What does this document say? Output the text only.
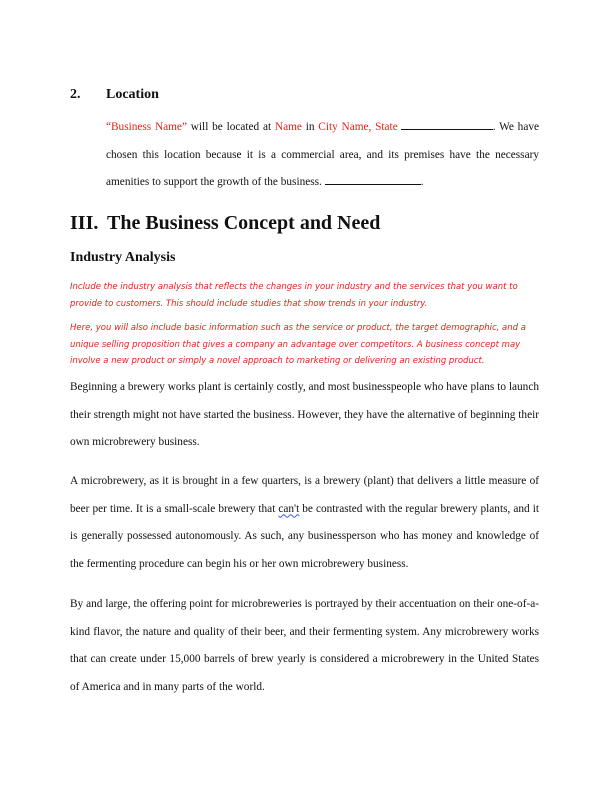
2. Location
“Business Name” will be located at Name in City Name, State	. We have chosen this location because it is a commercial area, and its premises have the necessary amenities to support the growth of the business.	.
III. The Business Concept and Need
Industry Analysis
Include the industry analysis that reflects the changes in your industry and the services that you want to provide to customers. This should include studies that show trends in your industry.
Here, you will also include basic information such as the service or product, the target demographic, and a unique selling proposition that gives a company an advantage over competitors. A business concept may involve a new product or simply a novel approach to marketing or delivering an existing product.
Beginning a brewery works plant is certainly costly, and most businesspeople who have plans to launch their strength might not have started the business. However, they have the alternative of beginning their own microbrewery business.
A microbrewery, as it is brought in a few quarters, is a brewery (plant) that delivers a little measure of beer per time. It is a small-scale brewery that can't be contrasted with the regular brewery plants, and it is generally possessed autonomously. As such, any businessperson who has money and knowledge of the fermenting procedure can begin his or her own microbrewery business.
By and large, the offering point for microbreweries is portrayed by their accentuation on their one-of-a-kind flavor, the nature and quality of their beer, and their fermenting system. Any microbrewery works that can create under 15,000 barrels of brew yearly is considered a microbrewery in the United States of America and in many parts of the world.
